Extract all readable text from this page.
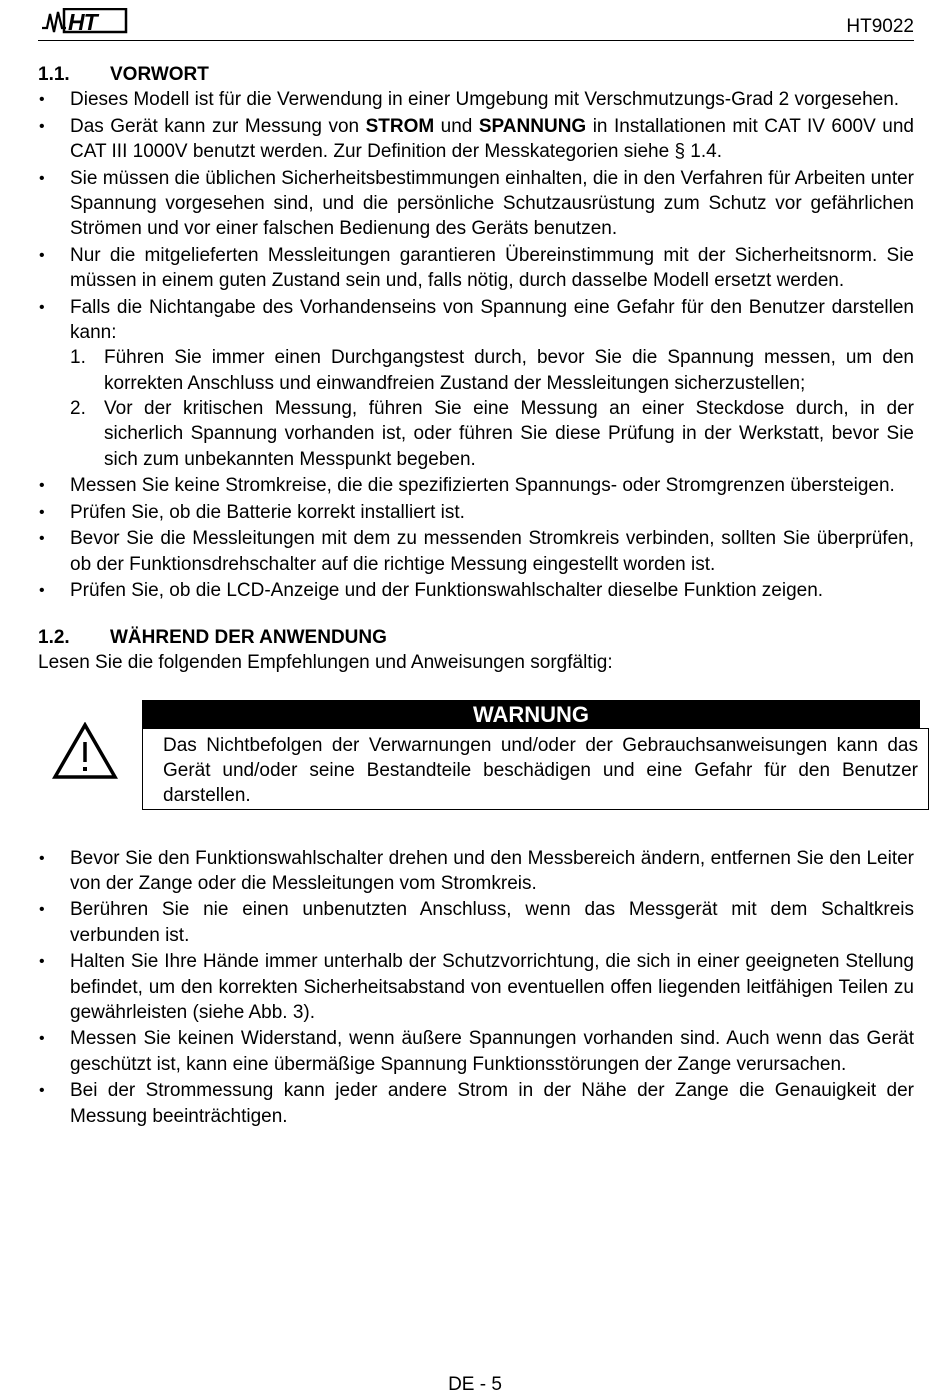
HT	HT9022

1.1. VORWORT

Dieses Modell ist für die Verwendung in einer Umgebung mit Verschmutzungs-Grad 2 vorgesehen.
Das Gerät kann zur Messung von STROM und SPANNUNG in Installationen mit CAT IV 600V und CAT III 1000V benutzt werden. Zur Definition der Messkategorien siehe § 1.4.
Sie müssen die üblichen Sicherheitsbestimmungen einhalten, die in den Verfahren für Arbeiten unter Spannung vorgesehen sind, und die persönliche Schutzausrüstung zum Schutz vor gefährlichen Strömen und vor einer falschen Bedienung des Geräts benutzen.
Nur die mitgelieferten Messleitungen garantieren Übereinstimmung mit der Sicherheitsnorm. Sie müssen in einem guten Zustand sein und, falls nötig, durch dasselbe Modell ersetzt werden.
Falls die Nichtangabe des Vorhandenseins von Spannung eine Gefahr für den Benutzer darstellen kann:
1. Führen Sie immer einen Durchgangstest durch, bevor Sie die Spannung messen, um den korrekten Anschluss und einwandfreien Zustand der Messleitungen sicherzustellen;
2. Vor der kritischen Messung, führen Sie eine Messung an einer Steckdose durch, in der sicherlich Spannung vorhanden ist, oder führen Sie diese Prüfung in der Werkstatt, bevor Sie sich zum unbekannten Messpunkt begeben.
Messen Sie keine Stromkreise, die die spezifizierten Spannungs- oder Stromgrenzen übersteigen.
Prüfen Sie, ob die Batterie korrekt installiert ist.
Bevor Sie die Messleitungen mit dem zu messenden Stromkreis verbinden, sollten Sie überprüfen, ob der Funktionsdrehschalter auf die richtige Messung eingestellt worden ist.
Prüfen Sie, ob die LCD-Anzeige und der Funktionswahlschalter dieselbe Funktion zeigen.

1.2. WÄHREND DER ANWENDUNG

Lesen Sie die folgenden Empfehlungen und Anweisungen sorgfältig:

WARNUNG
Das Nichtbefolgen der Verwarnungen und/oder der Gebrauchsanweisungen kann das Gerät und/oder seine Bestandteile beschädigen und eine Gefahr für den Benutzer darstellen.
Bevor Sie den Funktionswahlschalter drehen und den Messbereich ändern, entfernen Sie den Leiter von der Zange oder die Messleitungen vom Stromkreis.
Berühren Sie nie einen unbenutzten Anschluss, wenn das Messgerät mit dem Schaltkreis verbunden ist.
Halten Sie Ihre Hände immer unterhalb der Schutzvorrichtung, die sich in einer geeigneten Stellung befindet, um den korrekten Sicherheitsabstand von eventuellen offen liegenden leitfähigen Teilen zu gewährleisten (siehe Abb. 3).
Messen Sie keinen Widerstand, wenn äußere Spannungen vorhanden sind. Auch wenn das Gerät geschützt ist, kann eine übermäßige Spannung Funktionsstörungen der Zange verursachen.
Bei der Strommessung kann jeder andere Strom in der Nähe der Zange die Genauigkeit der Messung beeinträchtigen.
DE - 5
